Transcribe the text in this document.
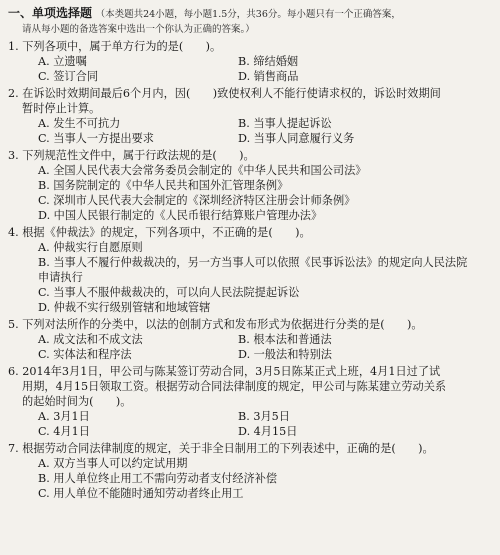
一、单项选择题 （本类题共24小题，每小题1.5分，共36分。每小题只有一个正确答案，
请从每小题的备选答案中选出一个你认为正确的答案。）
1. 下列各项中，属于单方行为的是(　　)。
A. 立遗嘱	B. 缔结婚姻
C. 签订合同	D. 销售商品
2. 在诉讼时效期间最后6个月内，因(　　)致使权利人不能行使请求权的，诉讼时效期间
暂时停止计算。
A. 发生不可抗力	B. 当事人提起诉讼
C. 当事人一方提出要求	D. 当事人同意履行义务
3. 下列规范性文件中，属于行政法规的是(　　)。
A. 全国人民代表大会常务委员会制定的《中华人民共和国公司法》
B. 国务院制定的《中华人民共和国外汇管理条例》
C. 深圳市人民代表大会制定的《深圳经济特区注册会计师条例》
D. 中国人民银行制定的《人民币银行结算账户管理办法》
4. 根据《仲裁法》的规定，下列各项中，不正确的是(　　)。
A. 仲裁实行自愿原则
B. 当事人不履行仲裁裁决的，另一方当事人可以依照《民事诉讼法》的规定向人民法院
申请执行
C. 当事人不服仲裁裁决的，可以向人民法院提起诉讼
D. 仲裁不实行级别管辖和地域管辖
5. 下列对法所作的分类中，以法的创制方式和发布形式为依据进行分类的是(　　)。
A. 成文法和不成文法	B. 根本法和普通法
C. 实体法和程序法	D. 一般法和特别法
6. 2014年3月1日，甲公司与陈某签订劳动合同，3月5日陈某正式上班，4月1日过了试
用期，4月15日领取工资。根据劳动合同法律制度的规定，甲公司与陈某建立劳动关系
的起始时间为(　　)。
A. 3月1日	B. 3月5日
C. 4月1日	D. 4月15日
7. 根据劳动合同法律制度的规定，关于非全日制用工的下列表述中，正确的是(　　)。
A. 双方当事人可以约定试用期
B. 用人单位终止用工不需向劳动者支付经济补偿
C. 用人单位不能随时通知劳动者终止用工
